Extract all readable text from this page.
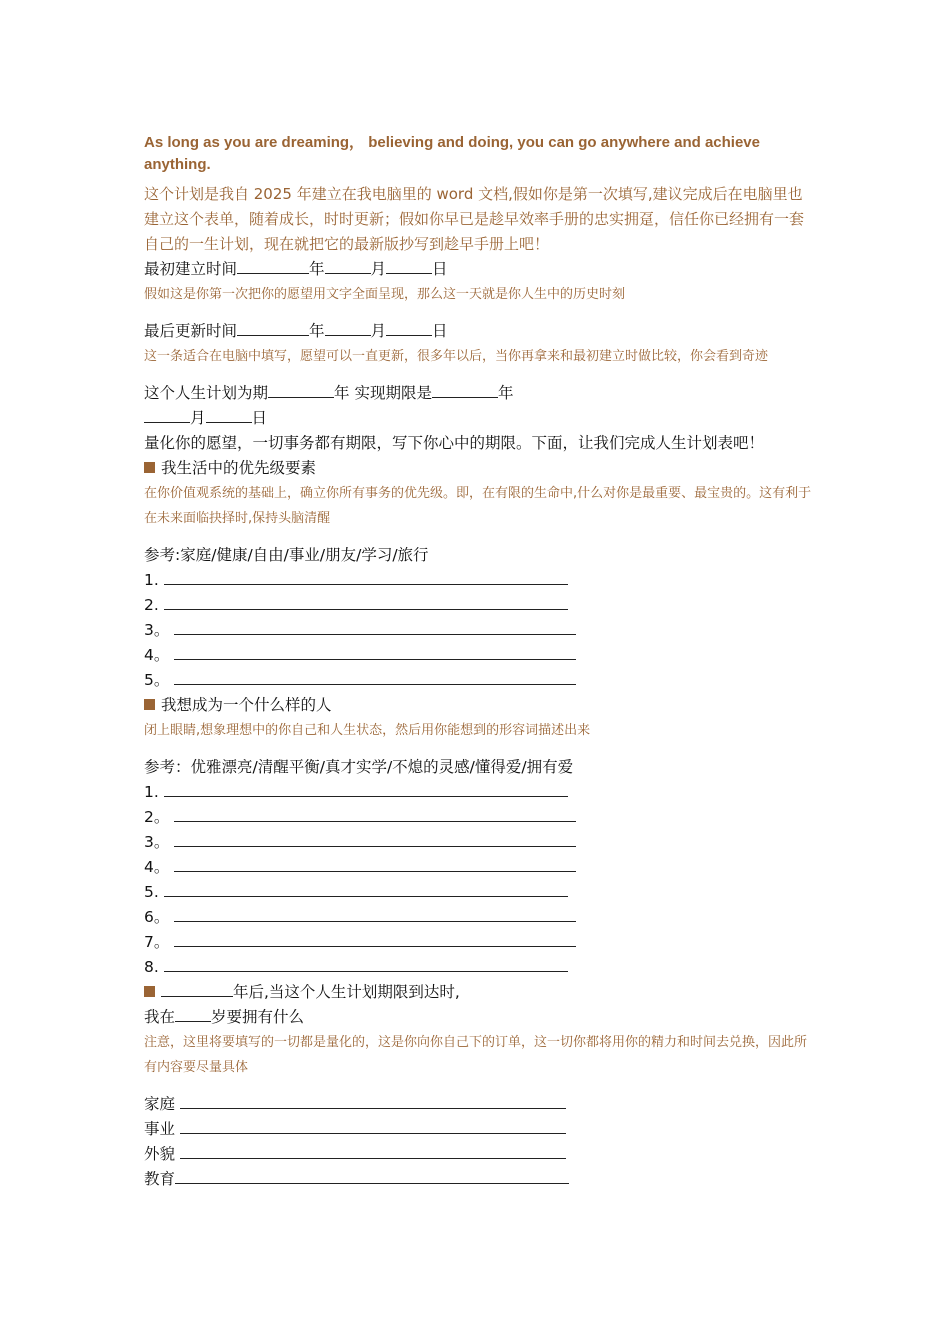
As long as you are dreaming， believing and doing, you can go anywhere and achieve anything.

这个计划是我自 2025 年建立在我电脑里的 word 文档,假如你是第一次填写,建议完成后在电脑里也建立这个表单，随着成长，时时更新；假如你早已是趁早效率手册的忠实拥趸，信任你已经拥有一套自己的一生计划，现在就把它的最新版抄写到趁早手册上吧！

最初建立时间	年	月	日

假如这是你第一次把你的愿望用文字全面呈现，那么这一天就是你人生中的历史时刻

最后更新时间	年	月	日

这一条适合在电脑中填写，愿望可以一直更新，很多年以后，当你再拿来和最初建立时做比较，你会看到奇迹

这个人生计划为期	年 实现期限是	年

月	日

量化你的愿望，一切事务都有期限，写下你心中的期限。下面，让我们完成人生计划表吧！

我生活中的优先级要素

在你价值观系统的基础上，确立你所有事务的优先级。即，在有限的生命中,什么对你是最重要、最宝贵的。这有利于在未来面临抉择时,保持头脑清醒

参考:家庭/健康/自由/事业/朋友/学习/旅行

1.

2.

3。

4。

5。

我想成为一个什么样的人

闭上眼睛,想象理想中的你自己和人生状态，然后用你能想到的形容词描述出来

参考：优雅漂亮/清醒平衡/真才实学/不熄的灵感/懂得爱/拥有爱

1.

2。

3。

4。

5.

6。

7。

8.

年后,当这个人生计划期限到达时,

我在 岁要拥有什么

注意，这里将要填写的一切都是量化的，这是你向你自己下的订单，这一切你都将用你的精力和时间去兑换，因此所有内容要尽量具体

家庭

事业

外貌

教育
